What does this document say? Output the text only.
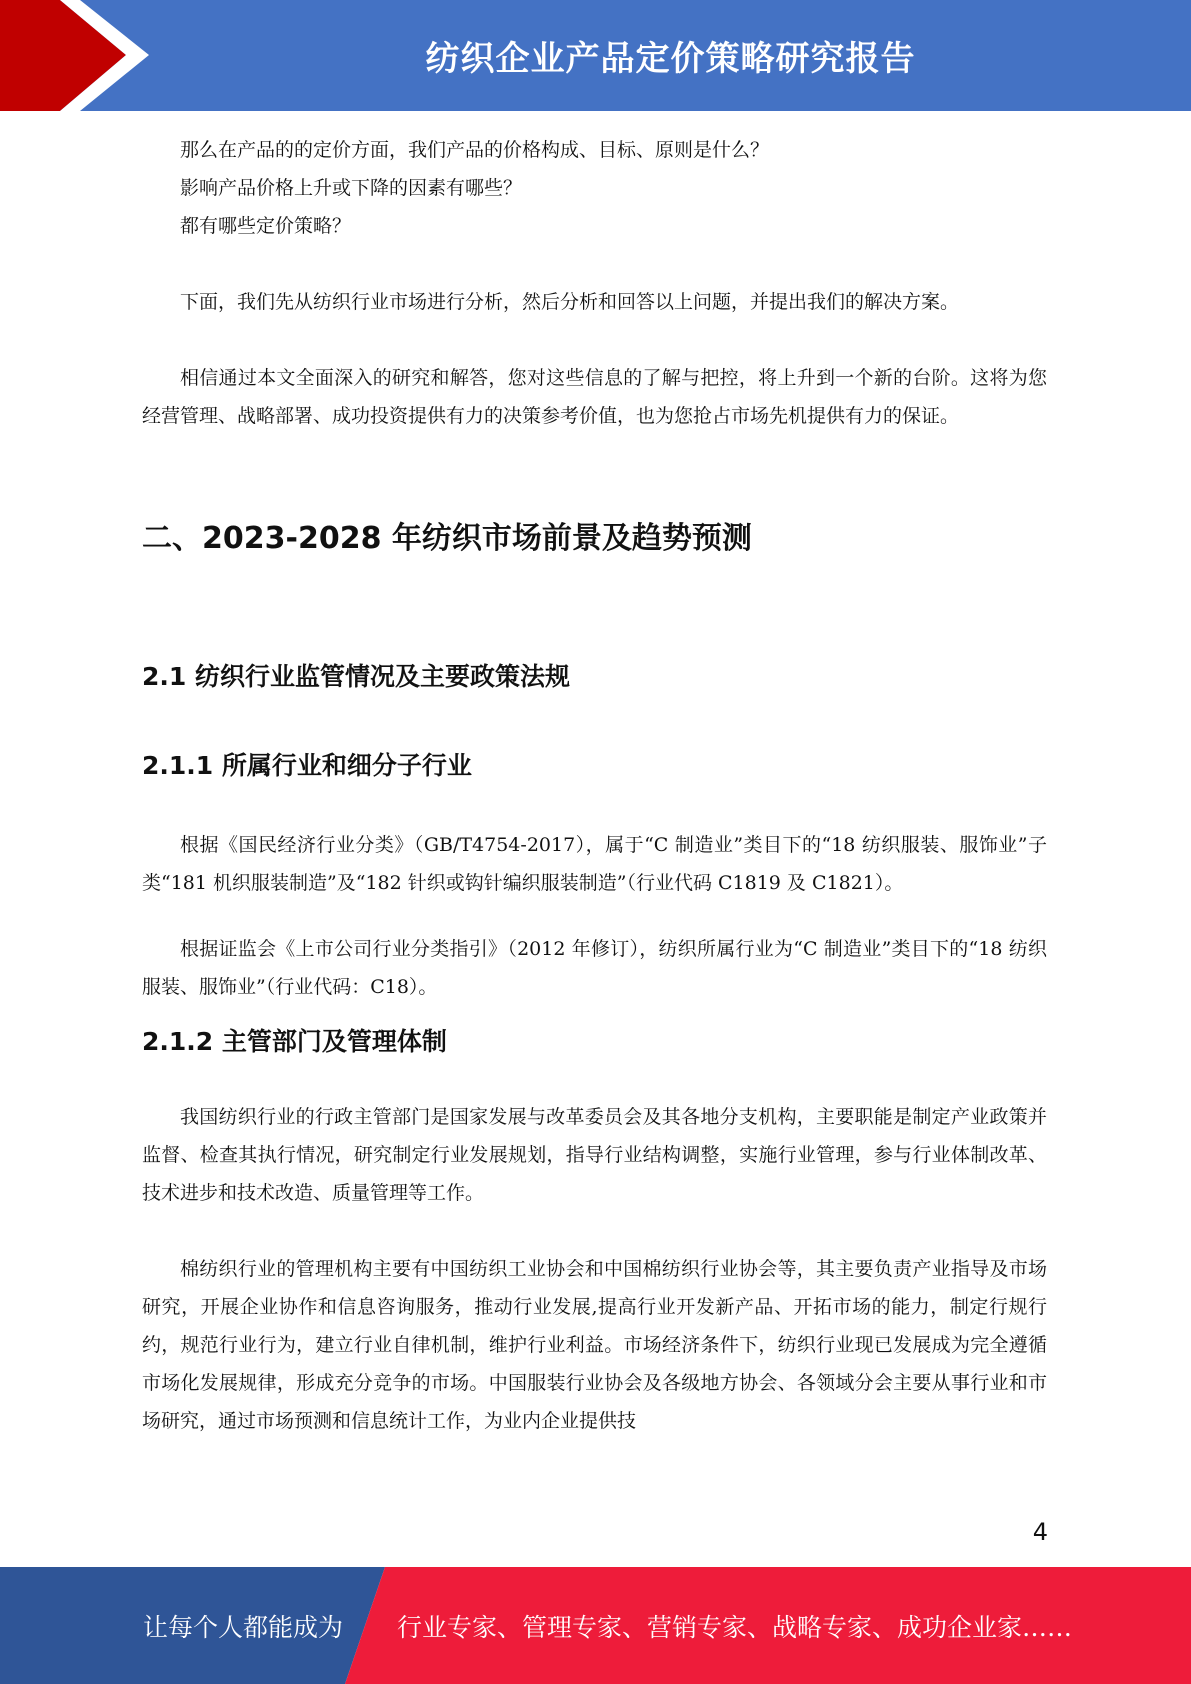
纺织企业产品定价策略研究报告

那么在产品的的定价方面，我们产品的价格构成、目标、原则是什么？

影响产品价格上升或下降的因素有哪些？

都有哪些定价策略？

下面，我们先从纺织行业市场进行分析，然后分析和回答以上问题，并提出我们的解决方案。

相信通过本文全面深入的研究和解答，您对这些信息的了解与把控，将上升到一个新的台阶。这将为您经营管理、战略部署、成功投资提供有力的决策参考价值，也为您抢占市场先机提供有力的保证。

二、2023-2028 年纺织市场前景及趋势预测
2.1 纺织行业监管情况及主要政策法规
2.1.1 所属行业和细分子行业

根据《国民经济行业分类》（GB/T4754-2017），属于“C 制造业”类目下的“18 纺织服装、服饰业”子类“181 机织服装制造”及“182 针织或钩针编织服装制造”（行业代码 C1819 及 C1821）。

根据证监会《上市公司行业分类指引》（2012 年修订），纺织所属行业为“C 制造业”类目下的“18 纺织服装、服饰业”（行业代码：C18）。

2.1.2 主管部门及管理体制

我国纺织行业的行政主管部门是国家发展与改革委员会及其各地分支机构，主要职能是制定产业政策并监督、检查其执行情况，研究制定行业发展规划，指导行业结构调整，实施行业管理，参与行业体制改革、技术进步和技术改造、质量管理等工作。

棉纺织行业的管理机构主要有中国纺织工业协会和中国棉纺织行业协会等，其主要负责产业指导及市场研究，开展企业协作和信息咨询服务，推动行业发展,提高行业开发新产品、开拓市场的能力，制定行规行约，规范行业行为，建立行业自律机制，维护行业利益。市场经济条件下，纺织行业现已发展成为完全遵循市场化发展规律，形成充分竞争的市场。中国服装行业协会及各级地方协会、各领域分会主要从事行业和市场研究，通过市场预测和信息统计工作，为业内企业提供技

4
让每个人都能成为 行业专家、管理专家、营销专家、战略专家、成功企业家……
